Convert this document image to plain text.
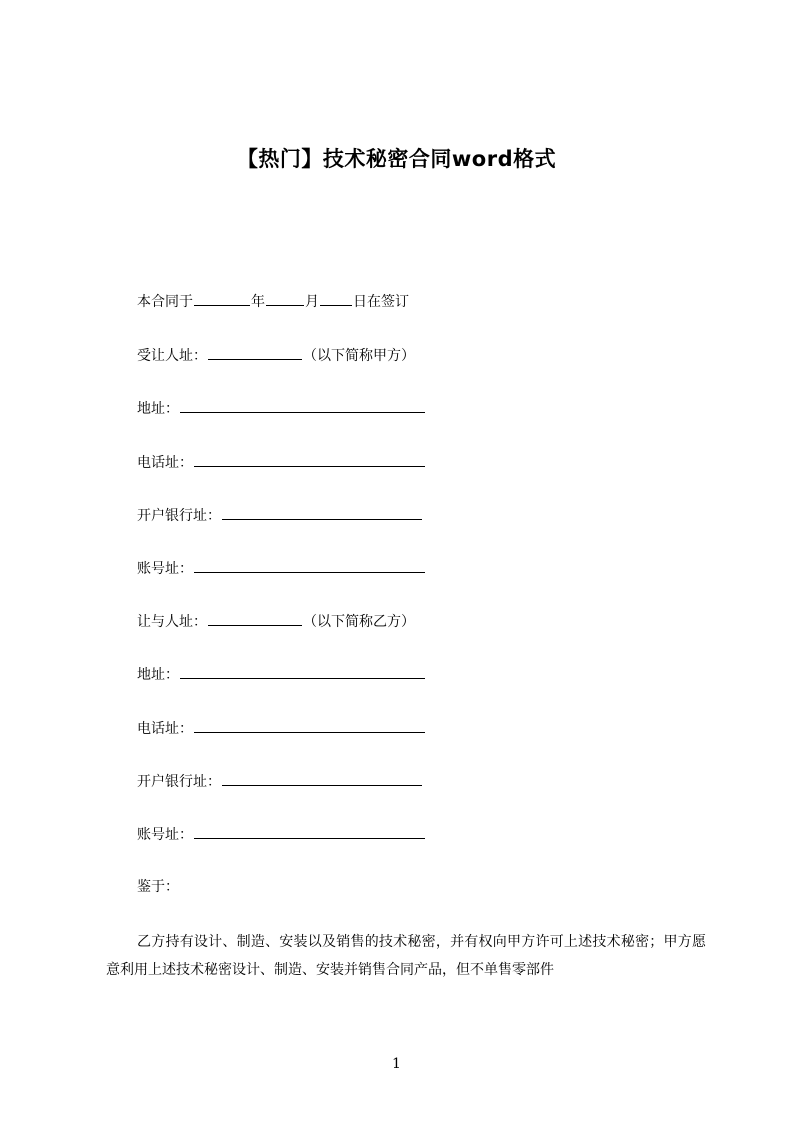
【热门】技术秘密合同word格式
本合同于	年	月 日在签订
受让人址：	（以下简称甲方）
地址：
电话址：
开户银行址：
账号址：
让与人址：	（以下简称乙方）
地址：
电话址：
开户银行址：
账号址：
鉴于：
乙方持有设计、制造、安装以及销售的技术秘密，并有权向甲方许可上述技术秘密；甲方愿意利用上述技术秘密设计、制造、安装并销售合同产品，但不单售零部件
1
